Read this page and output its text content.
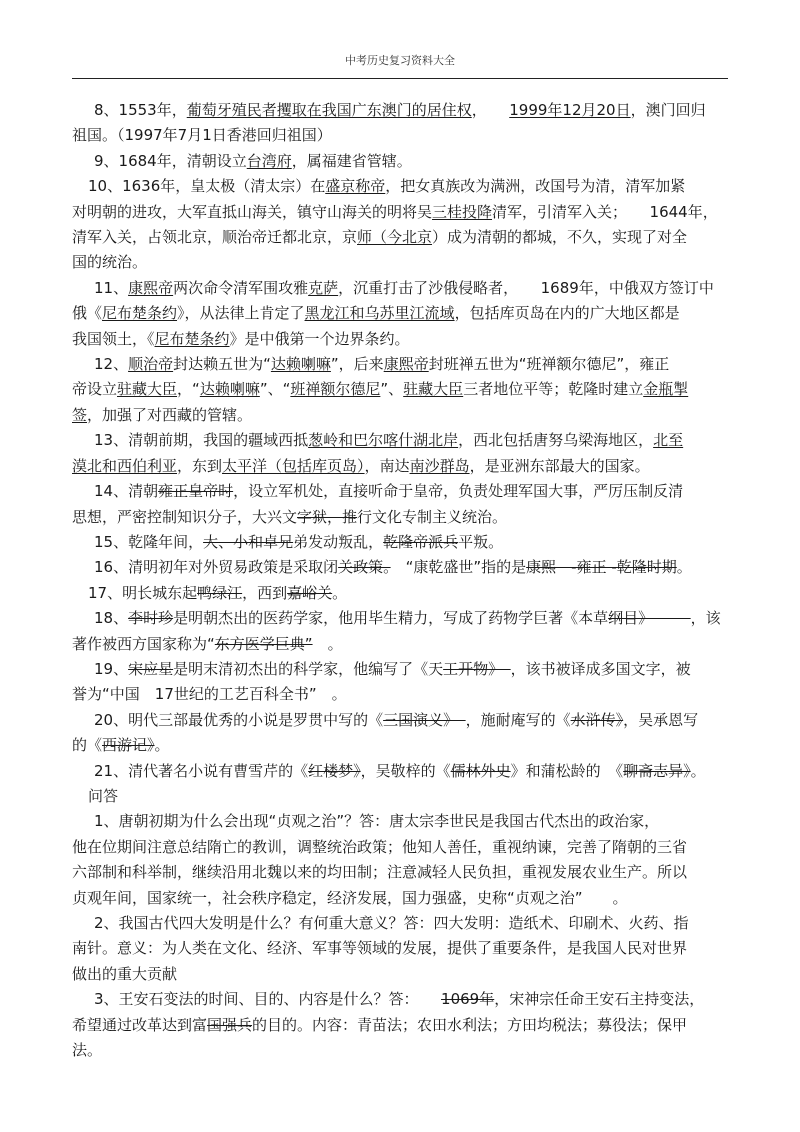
中考历史复习资料大全

8、1553年，葡萄牙殖民者攫取在我国广东澳门的居住权，　　1999年12月20日，澳门回归

祖国。（1997年7月1日香港回归祖国）

9、1684年，清朝设立台湾府，属福建省管辖。

10、1636年，皇太极（清太宗）在盛京称帝，把女真族改为满洲，改国号为清，清军加紧

对明朝的进攻，大军直抵山海关，镇守山海关的明将吴三桂投降清军，引清军入关；　　1644年，

清军入关，占领北京，顺治帝迁都北京，京师（今北京）成为清朝的都城，不久，实现了对全

国的统治。

11、康熙帝两次命令清军围攻雅克萨，沉重打击了沙俄侵略者，　　1689年，中俄双方签订中

俄《尼布楚条约》，从法律上肯定了黑龙江和乌苏里江流域，包括库页岛在内的广大地区都是

我国领土，《尼布楚条约》是中俄第一个边界条约。

12、顺治帝封达赖五世为“达赖喇嘛”，后来康熙帝封班禅五世为“班禅额尔德尼”，雍正

帝设立驻藏大臣，“达赖喇嘛”、“班禅额尔德尼”、驻藏大臣三者地位平等；乾隆时建立金瓶掣

签，加强了对西藏的管辖。

13、清朝前期，我国的疆域西抵葱岭和巴尔喀什湖北岸，西北包括唐努乌梁海地区，北至

漠北和西伯利亚，东到太平洋（包括库页岛），南达南沙群岛，是亚洲东部最大的国家。

14、清朝雍正皇帝时，设立军机处，直接听命于皇帝，负责处理军国大事，严厉压制反清

思想，严密控制知识分子，大兴文字狱，推行文化专制主义统治。

15、乾隆年间，大、小和卓兄弟发动叛乱，乾隆帝派兵平叛。

16、清明初年对外贸易政策是采取闭关政策。　“康乾盛世”指的是康熙　-雍正 -乾隆时期。

17、明长城东起鸭绿江，西到嘉峪关。

18、李时珍是明朝杰出的医药学家，他用毕生精力，写成了药物学巨著《本草纲目》　　　，该

著作被西方国家称为“东方医学巨典”　。

19、宋应星是明末清初杰出的科学家，他编写了《天工开物》　，该书被译成多国文字，被

誉为“中国　17世纪的工艺百科全书”　。

20、明代三部最优秀的小说是罗贯中写的《三国演义》　，施耐庵写的《水浒传》，吴承恩写

的《西游记》。

21、清代著名小说有曹雪芹的《红楼梦》，吴敬梓的《儒林外史》和蒲松龄的　《聊斋志异》。

问答

1、唐朝初期为什么会出现“贞观之治”？答：唐太宗李世民是我国古代杰出的政治家，

他在位期间注意总结隋亡的教训，调整统治政策；他知人善任，重视纳谏，完善了隋朝的三省

六部制和科举制，继续沿用北魏以来的均田制；注意减轻人民负担，重视发展农业生产。所以

贞观年间，国家统一，社会秩序稳定，经济发展，国力强盛，史称“贞观之治”　　。

2、我国古代四大发明是什么？有何重大意义？答：四大发明：造纸术、印刷术、火药、指

南针。意义：为人类在文化、经济、军事等领域的发展，提供了重要条件，是我国人民对世界

做出的重大贡献

3、王安石变法的时间、目的、内容是什么？答：　　1069年，宋神宗任命王安石主持变法，

希望通过改革达到富国强兵的目的。内容：青苗法；农田水利法；方田均税法；募役法；保甲

法。
